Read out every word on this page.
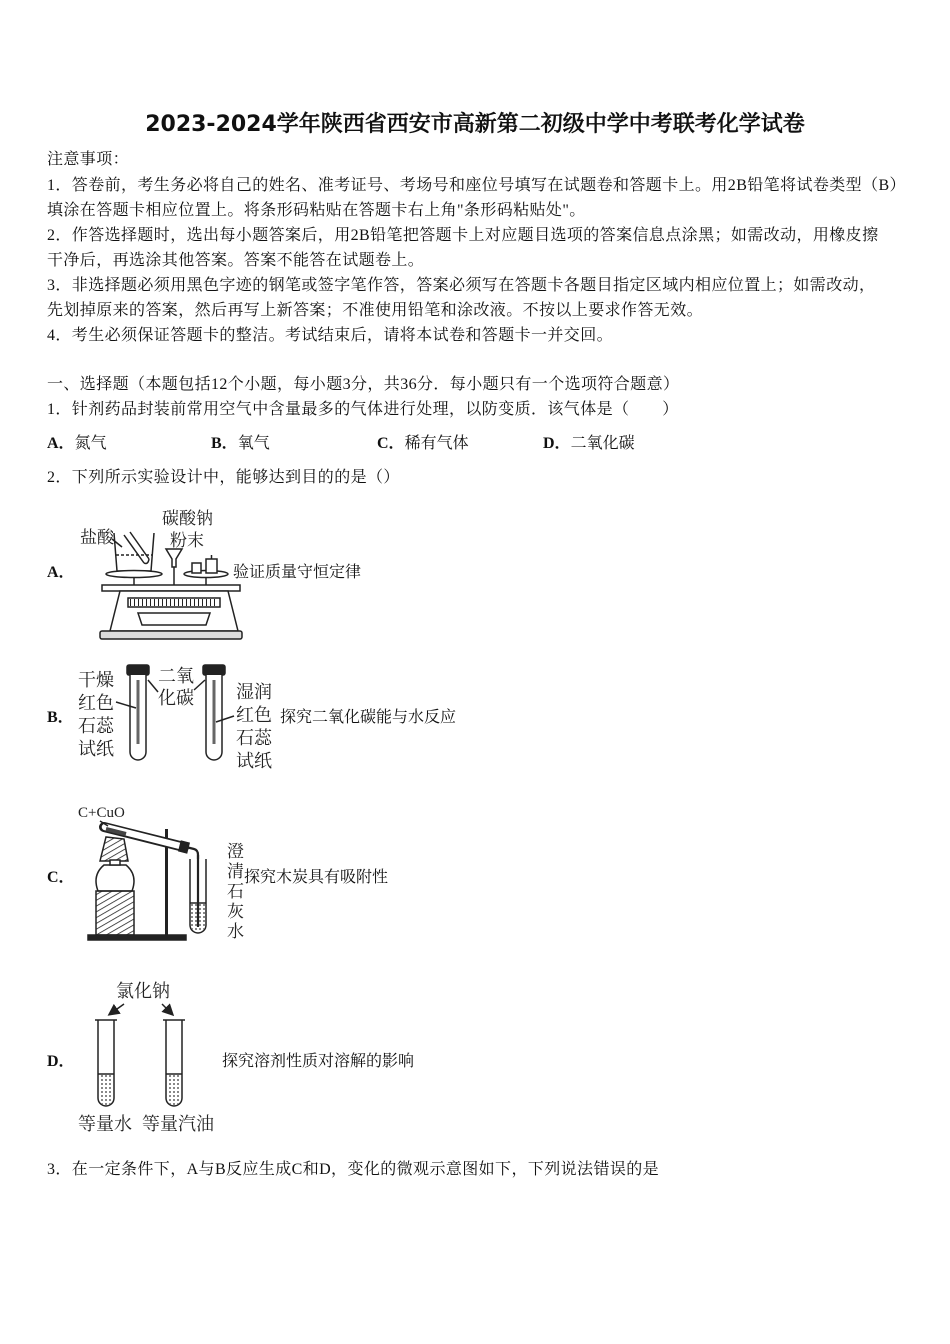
2023-2024学年陕西省西安市高新第二初级中学中考联考化学试卷
注意事项：
1．答卷前，考生务必将自己的姓名、准考证号、考场号和座位号填写在试题卷和答题卡上。用2B铅笔将试卷类型（B）
填涂在答题卡相应位置上。将条形码粘贴在答题卡右上角"条形码粘贴处"。
2．作答选择题时，选出每小题答案后，用2B铅笔把答题卡上对应题目选项的答案信息点涂黑；如需改动，用橡皮擦
干净后，再选涂其他答案。答案不能答在试题卷上。
3．非选择题必须用黑色字迹的钢笔或签字笔作答，答案必须写在答题卡各题目指定区域内相应位置上；如需改动，
先划掉原来的答案，然后再写上新答案；不准使用铅笔和涂改液。不按以上要求作答无效。
4．考生必须保证答题卡的整洁。考试结束后，请将本试卷和答题卡一并交回。
一、选择题（本题包括12个小题，每小题3分，共36分．每小题只有一个选项符合题意）
1．针剂药品封装前常用空气中含量最多的气体进行处理，以防变质．该气体是（　　）
A．氮气	B．氧气	C．稀有气体	D．二氧化碳
2．下列所示实验设计中，能够达到目的的是（）
A．
盐酸
碳酸钠
粉末
验证质量守恒定律
B．
干燥
红色
石蕊
试纸
二氧
化碳 湿润
红色
石蕊
试纸
探究二氧化碳能与水反应
C．
C+CuO
澄清石灰水 探究木炭具有吸附性
D．
氯化钠
等量水 等量汽油
探究溶剂性质对溶解的影响
3．在一定条件下，A与B反应生成C和D，变化的微观示意图如下，下列说法错误的是
